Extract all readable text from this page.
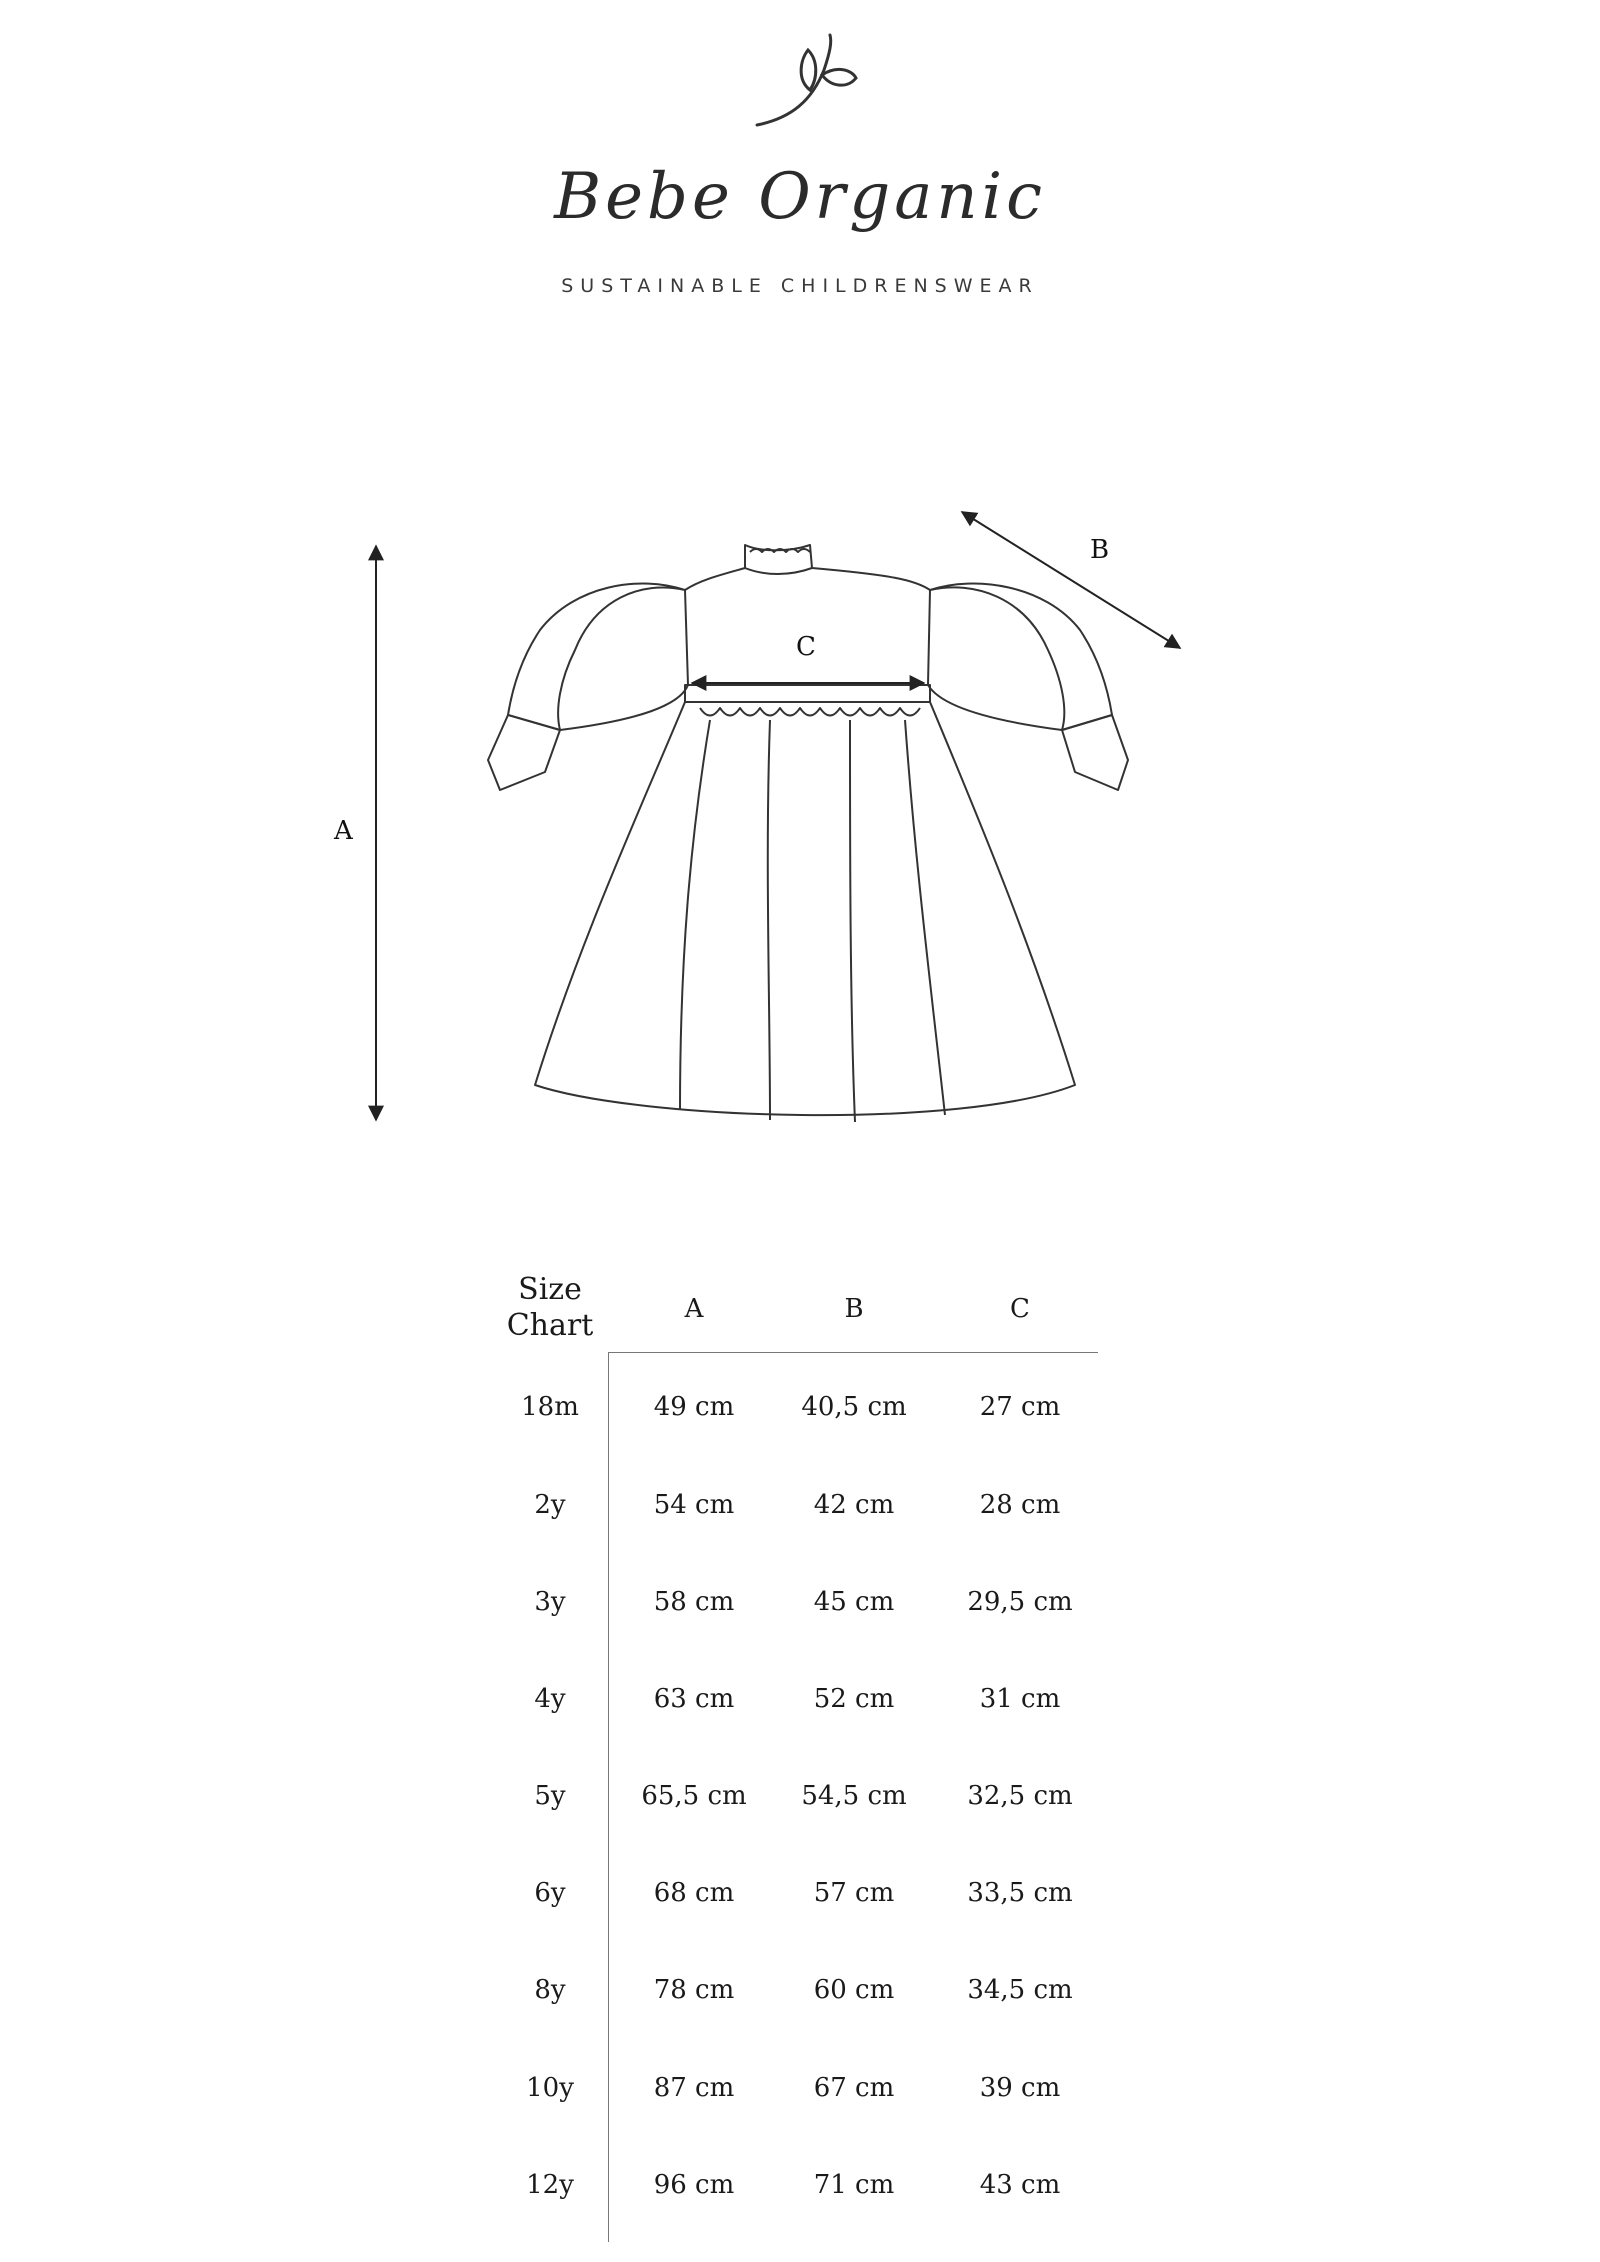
Bebe Organic
SUSTAINABLE CHILDRENSWEAR
A
B
C
Size
Chart	A	B	C
18m	49 cm	40,5 cm	27 cm
2y	54 cm	42 cm	28 cm
3y	58 cm	45 cm	29,5 cm
4y	63 cm	52 cm	31 cm
5y	65,5 cm	54,5 cm	32,5 cm
6y	68 cm	57 cm	33,5 cm
8y	78 cm	60 cm	34,5 cm
10y	87 cm	67 cm	39 cm
12y	96 cm	71 cm	43 cm
